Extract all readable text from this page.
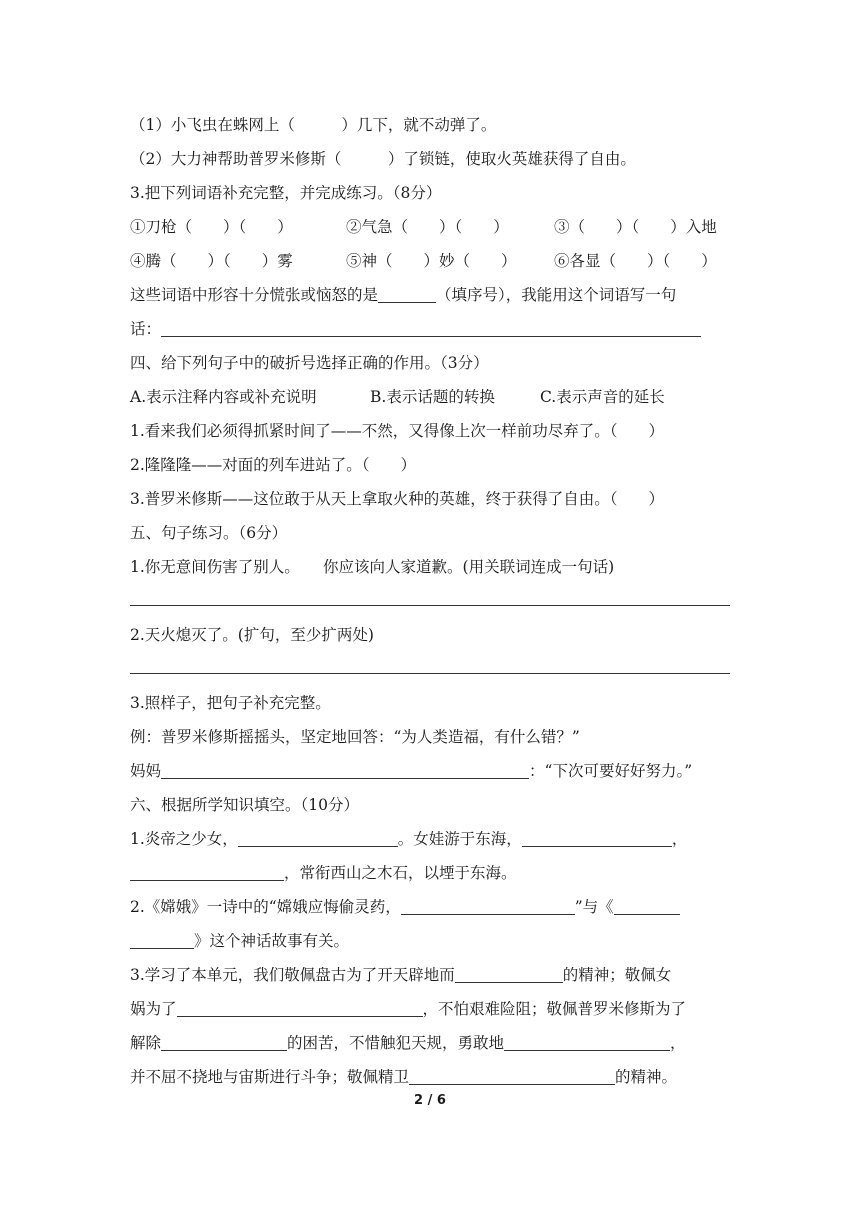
（1）小飞虫在蛛网上（　　　）几下，就不动弹了。
（2）大力神帮助普罗米修斯（　　　）了锁链，使取火英雄获得了自由。
3.把下列词语补充完整，并完成练习。（8分）
①刀枪（　　）（　　）	②气急（　　）（　　）	③（　　）（　　）入地
④腾（　　）（　　）雾	⑤神（　　）妙（　　） ⑥各显（　　）（　　）
这些词语中形容十分慌张或恼怒的是	（填序号），我能用这个词语写一句
话：
四、给下列句子中的破折号选择正确的作用。（3分）
A.表示注释内容或补充说明	B.表示话题的转换	C.表示声音的延长
1.看来我们必须得抓紧时间了——不然，又得像上次一样前功尽弃了。（　　）
2.隆隆隆——对面的列车进站了。（　　）
3.普罗米修斯——这位敢于从天上拿取火种的英雄，终于获得了自由。（　　）
五、句子练习。（6分）
1.你无意间伤害了别人。　　你应该向人家道歉。(用关联词连成一句话)
2.天火熄灭了。(扩句，至少扩两处)
3.照样子，把句子补充完整。
例：普罗米修斯摇摇头，坚定地回答：“为人类造福，有什么错？”
妈妈	：“下次可要好好努力。”
六、根据所学知识填空。（10分）
1.炎帝之少女，	。女娃游于东海，	，
，常衔西山之木石，以堙于东海。
2.《嫦娥》一诗中的“嫦娥应悔偷灵药，	”与《
》这个神话故事有关。
3.学习了本单元，我们敬佩盘古为了开天辟地而	的精神；敬佩女
娲为了	，不怕艰难险阻；敬佩普罗米修斯为了
解除	的困苦，不惜触犯天规，勇敢地	，
并不屈不挠地与宙斯进行斗争；敬佩精卫	的精神。
2 / 6
